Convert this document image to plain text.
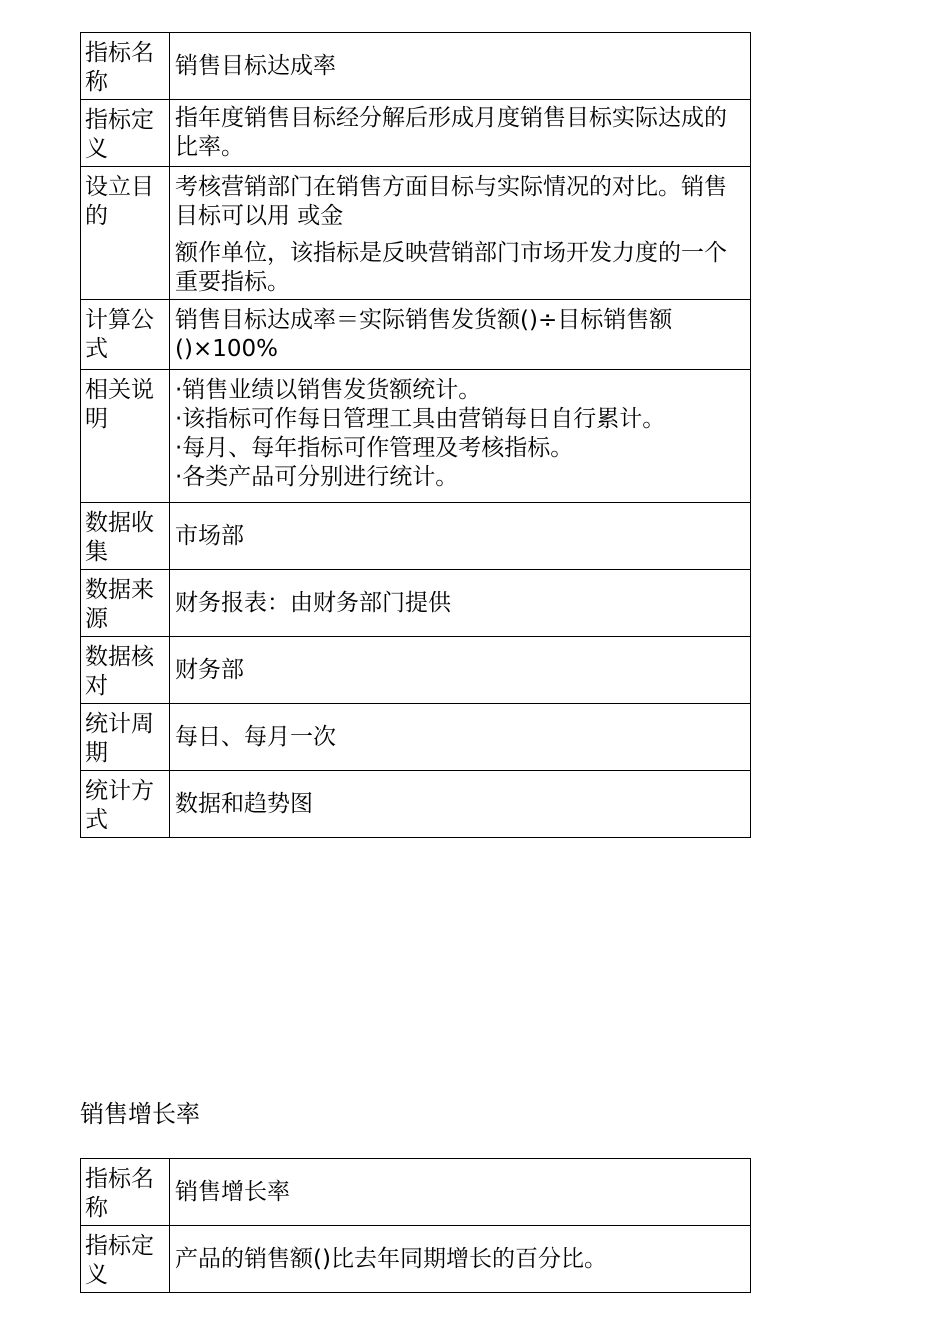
指标名称	销售目标达成率
指标定义	指年度销售目标经分解后形成月度销售目标实际达成的比率。
设立目的	考核营销部门在销售方面目标与实际情况的对比。销售目标可以用 或金
额作单位，该指标是反映营销部门市场开发力度的一个重要指标。

计算公式	销售目标达成率＝实际销售发货额()÷目标销售额()×100%
相关说明	·销售业绩以销售发货额统计。
·该指标可作每日管理工具由营销每日自行累计。
·每月、每年指标可作管理及考核指标。
·各类产品可分别进行统计。

数据收集	市场部
数据来源	财务报表：由财务部门提供
数据核对	财务部
统计周期	每日、每月一次
统计方式	数据和趋势图
销售增长率
指标名称	销售增长率
指标定义	产品的销售额()比去年同期增长的百分比。
